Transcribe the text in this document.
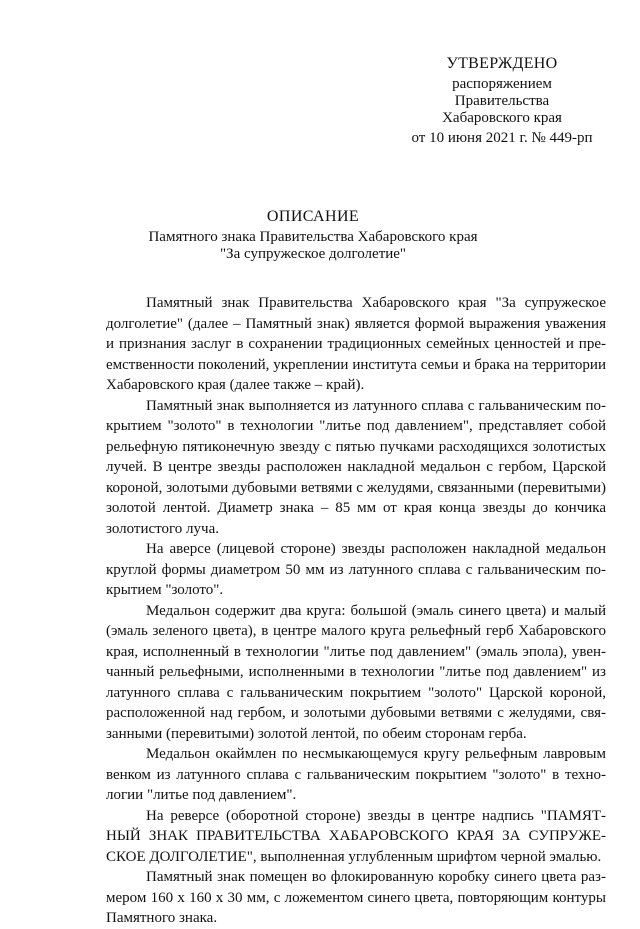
УТВЕРЖДЕНО
распоряжением
Правительства
Хабаровского края
от 10 июня 2021 г. № 449-рп
ОПИСАНИЕ
Памятного знака Правительства Хабаровского края
"За супружеское долголетие"

Памятный знак Правительства Хабаровского края "За супружеское долголетие" (далее – Памятный знак) является формой выражения уважения и признания заслуг в сохранении традиционных семейных ценностей и преемственности поколений, укреплении института семьи и брака на территории Хабаровского края (далее также – край).

Памятный знак выполняется из латунного сплава с гальваническим покрытием "золото" в технологии "литье под давлением", представляет собой рельефную пятиконечную звезду с пятью пучками расходящихся золотистых лучей. В центре звезды расположен накладной медальон с гербом, Царской короной, золотыми дубовыми ветвями с желудями, связанными (перевитыми) золотой лентой. Диаметр знака – 85 мм от края конца звезды до кончика золотистого луча.

На аверсе (лицевой стороне) звезды расположен накладной медальон круглой формы диаметром 50 мм из латунного сплава с гальваническим покрытием "золото".

Медальон содержит два круга: большой (эмаль синего цвета) и малый (эмаль зеленого цвета), в центре малого круга рельефный герб Хабаровского края, исполненный в технологии "литье под давлением" (эмаль эпола), увенчанный рельефными, исполненными в технологии "литье под давлением" из латунного сплава с гальваническим покрытием "золото" Царской короной, расположенной над гербом, и золотыми дубовыми ветвями с желудями, связанными (перевитыми) золотой лентой, по обеим сторонам герба.

Медальон окаймлен по несмыкающемуся кругу рельефным лавровым венком из латунного сплава с гальваническим покрытием "золото" в технологии "литье под давлением".

На реверсе (оборотной стороне) звезды в центре надпись "ПАМЯТНЫЙ ЗНАК ПРАВИТЕЛЬСТВА ХАБАРОВСКОГО КРАЯ ЗА СУПРУЖЕСКОЕ ДОЛГОЛЕТИЕ", выполненная углубленным шрифтом черной эмалью.

Памятный знак помещен во флокированную коробку синего цвета размером 160 х 160 х 30 мм, с ложементом синего цвета, повторяющим контуры Памятного знака.
